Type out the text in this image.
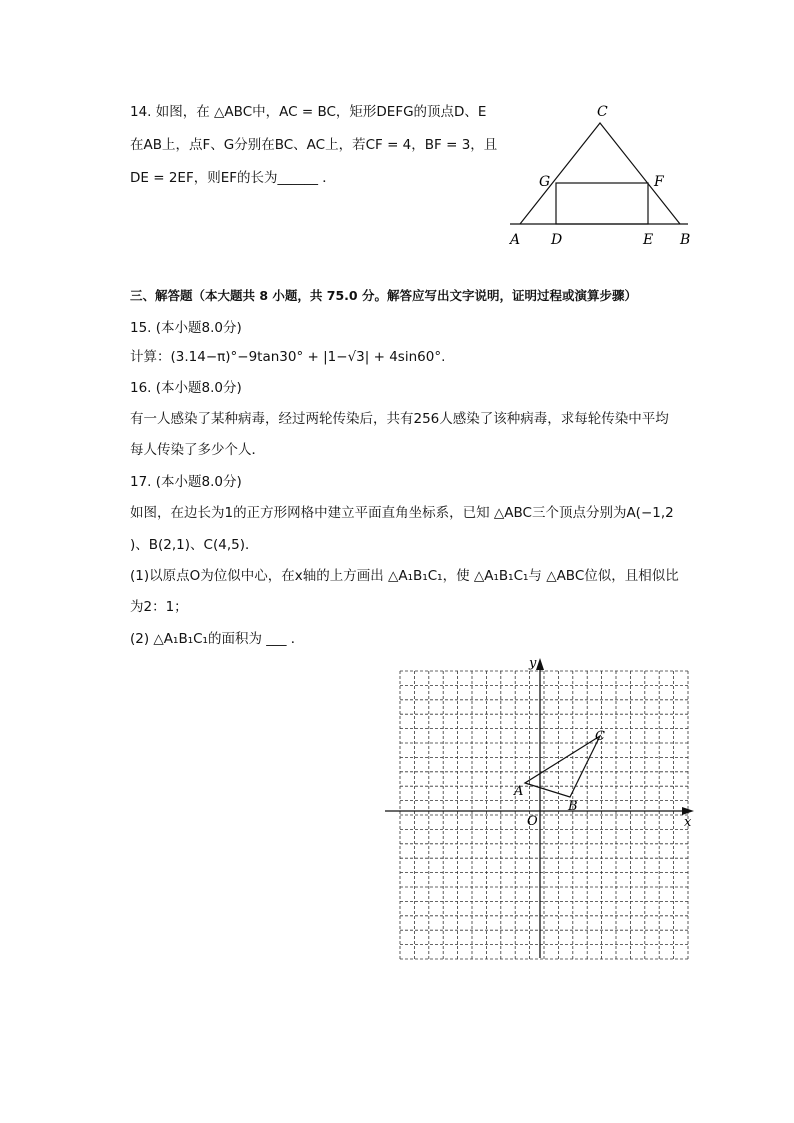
14. 如图，在 △ABC中，AC = BC，矩形DEFG的顶点D、E
在AB上，点F、G分别在BC、AC上，若CF = 4，BF = 3，且
DE = 2EF，则EF的长为______ ．
C
G	F
A D	E B
三、解答题（本大题共 8 小题，共 75.0 分。解答应写出文字说明，证明过程或演算步骤）
15. (本小题8.0分)
计算：(3.14−π)°−9tan30° + |1−√3| + 4sin60°.
16. (本小题8.0分)
有一人感染了某种病毒，经过两轮传染后，共有256人感染了该种病毒，求每轮传染中平均
每人传染了多少个人．
17. (本小题8.0分)
如图，在边长为1的正方形网格中建立平面直角坐标系，已知 △ABC三个顶点分别为A(−1,2
)、B(2,1)、C(4,5)．
(1)以原点O为位似中心，在x轴的上方画出 △A₁B₁C₁，使 △A₁B₁C₁与 △ABC位似，且相似比
为2：1；
(2) △A₁B₁C₁的面积为 ___ ．
y
x
O
A
B
C
